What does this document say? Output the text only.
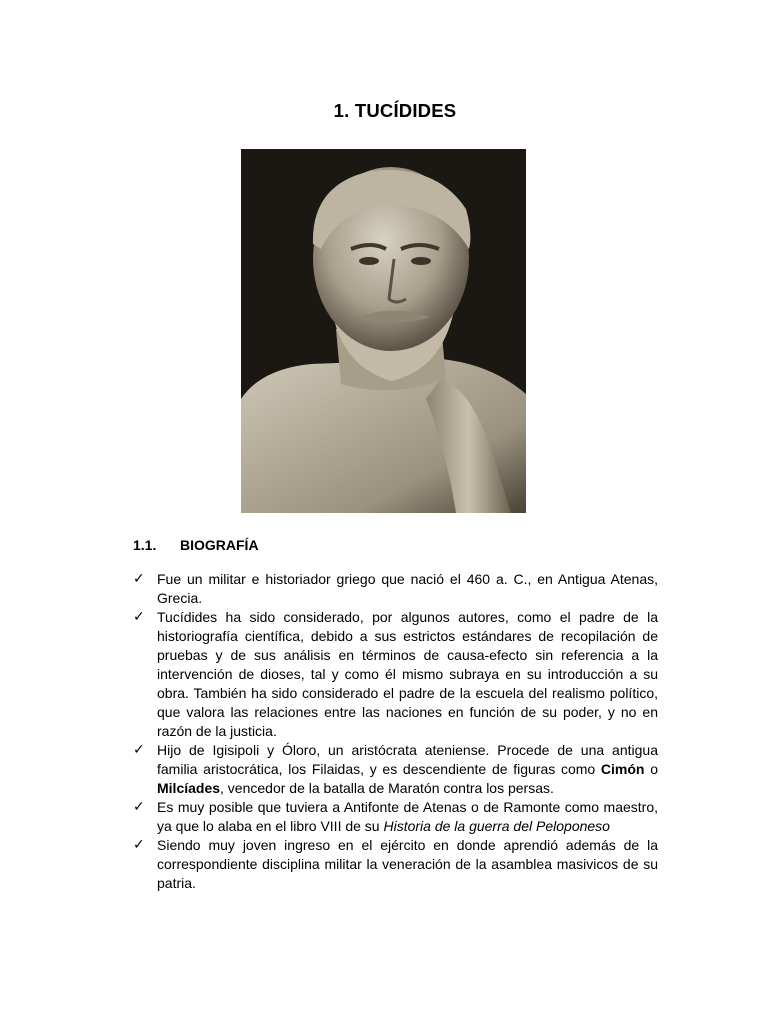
1. TUCÍDIDES
1.1. BIOGRAFÍA
✓ Fue un militar e historiador griego que nació el 460 a. C., en Antigua Atenas, Grecia.
✓ Tucídides ha sido considerado, por algunos autores, como el padre de la historiografía científica, debido a sus estrictos estándares de recopilación de pruebas y de sus análisis en términos de causa-efecto sin referencia a la intervención de dioses, tal y como él mismo subraya en su introducción a su obra. También ha sido considerado el padre de la escuela del realismo político, que valora las relaciones entre las naciones en función de su poder, y no en razón de la justicia.
✓ Hijo de Igisipoli y Óloro, un aristócrata ateniense. Procede de una antigua familia aristocrática, los Filaidas, y es descendiente de figuras como Cimón o Milcíades, vencedor de la batalla de Maratón contra los persas.
✓ Es muy posible que tuviera a Antifonte de Atenas o de Ramonte como maestro, ya que lo alaba en el libro VIII de su Historia de la guerra del Peloponeso
✓ Siendo muy joven ingreso en el ejército en donde aprendió además de la correspondiente disciplina militar la veneración de la asamblea masivicos de su patria.
